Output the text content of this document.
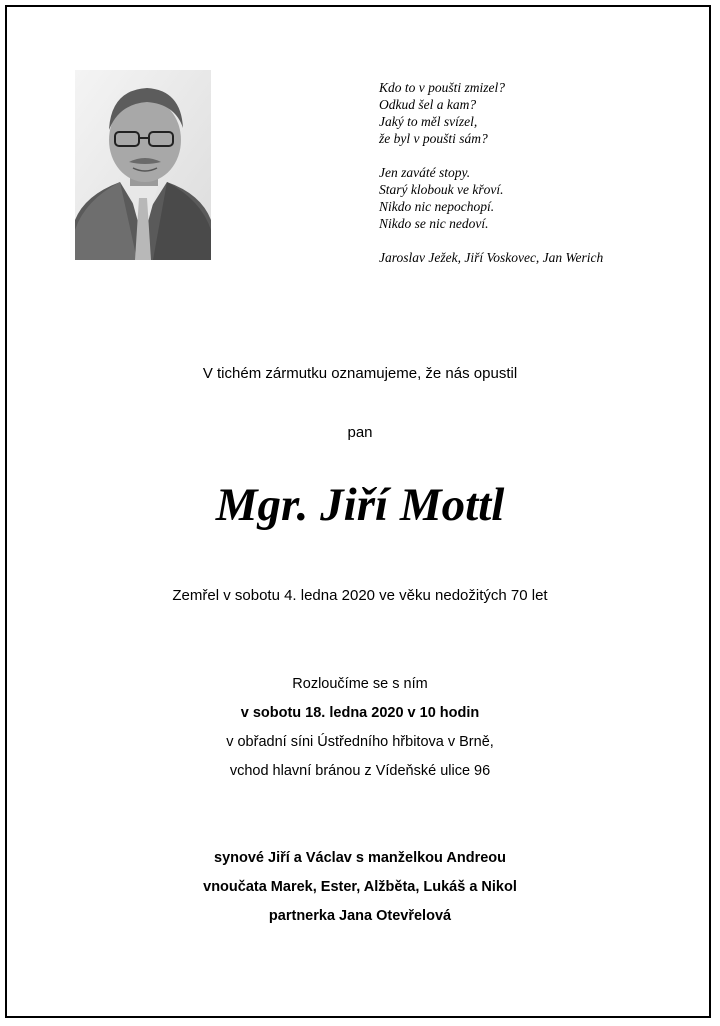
Kdo to v poušti zmizel?
Odkud šel a kam?
Jaký to měl svízel,
že byl v poušti sám?
Jen zaváté stopy.
Starý klobouk ve křoví.
Nikdo nic nepochopí.
Nikdo se nic nedoví.
Jaroslav Ježek, Jiří Voskovec, Jan Werich
V tichém zármutku oznamujeme, že nás opustil
pan
Mgr. Jiří Mottl
Zemřel v sobotu 4. ledna 2020 ve věku nedožitých 70 let
Rozloučíme se s ním
v sobotu 18. ledna 2020 v 10 hodin
v obřadní síni Ústředního hřbitova v Brně,
vchod hlavní bránou z Vídeňské ulice 96
synové Jiří a Václav s manželkou Andreou
vnoučata Marek, Ester, Alžběta, Lukáš a Nikol
partnerka Jana Otevřelová
